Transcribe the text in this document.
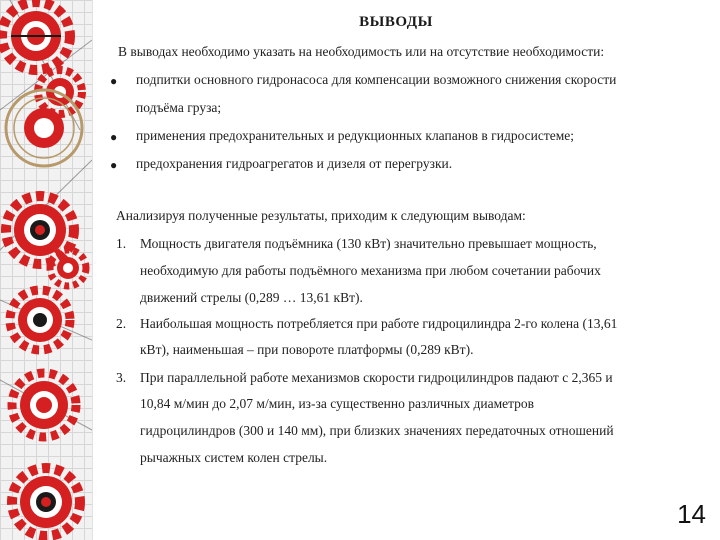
ВЫВОДЫ
В выводах необходимо указать на необходимость или на отсутствие необходимости:
● подпитки основного гидронасоса для компенсации возможного снижения скорости
подъёма груза;
● применения предохранительных и редукционных клапанов в гидросистеме;
● предохранения гидроагрегатов и дизеля от перегрузки.
Анализируя полученные результаты, приходим к следующим выводам:
1. Мощность двигателя подъёмника (130 кВт) значительно превышает мощность,
необходимую для работы подъёмного механизма при любом сочетании рабочих
движений стрелы (0,289 … 13,61 кВт).
2. Наибольшая мощность потребляется при работе гидроцилиндра 2-го колена (13,61
кВт), наименьшая – при повороте платформы (0,289 кВт).
3. При параллельной работе механизмов скорости гидроцилиндров падают с 2,365 и
10,84 м/мин до 2,07 м/мин, из-за существенно различных диаметров
гидроцилиндров (300 и 140 мм), при близких значениях передаточных отношений
рычажных систем колен стрелы.
14
